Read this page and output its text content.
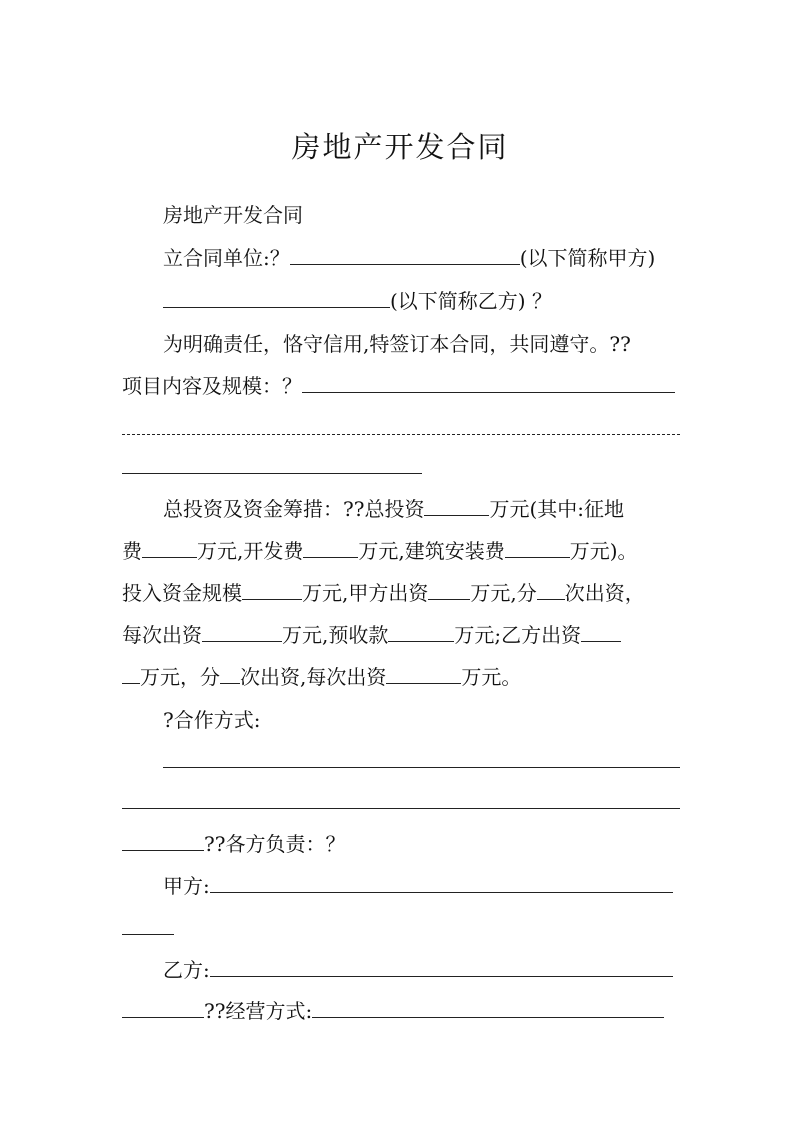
房地产开发合同
房地产开发合同
立合同单位:？	(以下简称甲方)
(以下简称乙方) ？
为明确责任，恪守信用,特签订本合同，共同遵守。??
项目内容及规模：？
总投资及资金筹措：??总投资	万元(其中:征地
费	万元,开发费	万元,建筑安装费	万元)。
投入资金规模	万元,甲方出资 万元,分 次出资，
每次出资	万元,预收款	万元;乙方出资
万元，分 次出资,每次出资	万元。
?合作方式:
??各方负责：？
甲方:
乙方:
??经营方式:
